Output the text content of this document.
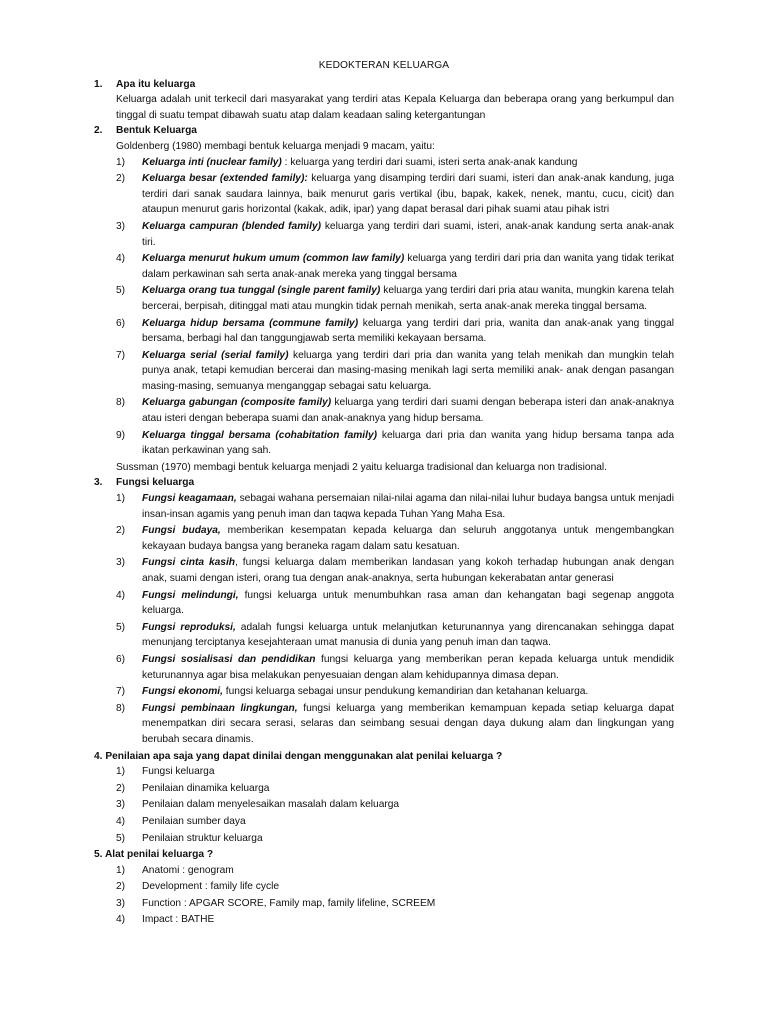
KEDOKTERAN KELUARGA
1.	Apa itu keluarga
Keluarga adalah unit terkecil dari masyarakat yang terdiri atas Kepala Keluarga dan beberapa orang yang berkumpul dan tinggal di suatu tempat dibawah suatu atap dalam keadaan saling ketergantungan
2.	Bentuk Keluarga
Goldenberg (1980) membagi bentuk keluarga menjadi 9 macam, yaitu:
1)	Keluarga inti (nuclear family) : keluarga yang terdiri dari suami, isteri serta anak-anak kandung
2)	Keluarga besar (extended family): keluarga yang disamping terdiri dari suami, isteri dan anak-anak kandung, juga terdiri dari sanak saudara lainnya, baik menurut garis vertikal (ibu, bapak, kakek, nenek, mantu, cucu, cicit) dan ataupun menurut garis horizontal (kakak, adik, ipar) yang dapat berasal dari pihak suami atau pihak istri
3)	Keluarga campuran (blended family) keluarga yang terdiri dari suami, isteri, anak-anak kandung serta anak-anak tiri.
4)	Keluarga menurut hukum umum (common law family) keluarga yang terdiri dari pria dan wanita yang tidak terikat dalam perkawinan sah serta anak-anak mereka yang tinggal bersama
5)	Keluarga orang tua tunggal (single parent family) keluarga yang terdiri dari pria atau wanita, mungkin karena telah bercerai, berpisah, ditinggal mati atau mungkin tidak pernah menikah, serta anak-anak mereka tinggal bersama.
6)	Keluarga hidup bersama (commune family) keluarga yang terdiri dari pria, wanita dan anak-anak yang tinggal bersama, berbagi hal dan tanggungjawab serta memiliki kekayaan bersama.
7)	Keluarga serial (serial family) keluarga yang terdiri dari pria dan wanita yang telah menikah dan mungkin telah punya anak, tetapi kemudian bercerai dan masing-masing menikah lagi serta memiliki anak- anak dengan pasangan masing-masing, semuanya menganggap sebagai satu keluarga.
8)	Keluarga gabungan (composite family) keluarga yang terdiri dari suami dengan beberapa isteri dan anak-anaknya atau isteri dengan beberapa suami dan anak-anaknya yang hidup bersama.
9)	Keluarga tinggal bersama (cohabitation family) keluarga dari pria dan wanita yang hidup bersama tanpa ada ikatan perkawinan yang sah.
Sussman (1970) membagi bentuk keluarga menjadi 2 yaitu keluarga tradisional dan keluarga non tradisional.
3.	Fungsi keluarga
1)	Fungsi keagamaan, sebagai wahana persemaian nilai-nilai agama dan nilai-nilai luhur budaya bangsa untuk menjadi insan-insan agamis yang penuh iman dan taqwa kepada Tuhan Yang Maha Esa.
2)	Fungsi budaya, memberikan kesempatan kepada keluarga dan seluruh anggotanya untuk mengembangkan kekayaan budaya bangsa yang beraneka ragam dalam satu kesatuan.
3)	Fungsi cinta kasih, fungsi keluarga dalam memberikan landasan yang kokoh terhadap hubungan anak dengan anak, suami dengan isteri, orang tua dengan anak-anaknya, serta hubungan kekerabatan antar generasi
4)	Fungsi melindungi, fungsi keluarga untuk menumbuhkan rasa aman dan kehangatan bagi segenap anggota keluarga.
5)	Fungsi reproduksi, adalah fungsi keluarga untuk melanjutkan keturunannya yang direncanakan sehingga dapat menunjang terciptanya kesejahteraan umat manusia di dunia yang penuh iman dan taqwa.
6)	Fungsi sosialisasi dan pendidikan fungsi keluarga yang memberikan peran kepada keluarga untuk mendidik keturunannya agar bisa melakukan penyesuaian dengan alam kehidupannya dimasa depan.
7)	Fungsi ekonomi, fungsi keluarga sebagai unsur pendukung kemandirian dan ketahanan keluarga.
8)	Fungsi pembinaan lingkungan, fungsi keluarga yang memberikan kemampuan kepada setiap keluarga dapat menempatkan diri secara serasi, selaras dan seimbang sesuai dengan daya dukung alam dan lingkungan yang berubah secara dinamis.
4. Penilaian apa saja yang dapat dinilai dengan menggunakan alat penilai keluarga ?
1)	Fungsi keluarga
2)	Penilaian dinamika keluarga
3)	Penilaian dalam menyelesaikan masalah dalam keluarga
4)	Penilaian sumber daya
5)	Penilaian struktur keluarga
5. Alat penilai keluarga ?
1)	Anatomi : genogram
2)	Development : family life cycle
3)	Function : APGAR SCORE, Family map, family lifeline, SCREEM
4)	Impact : BATHE
